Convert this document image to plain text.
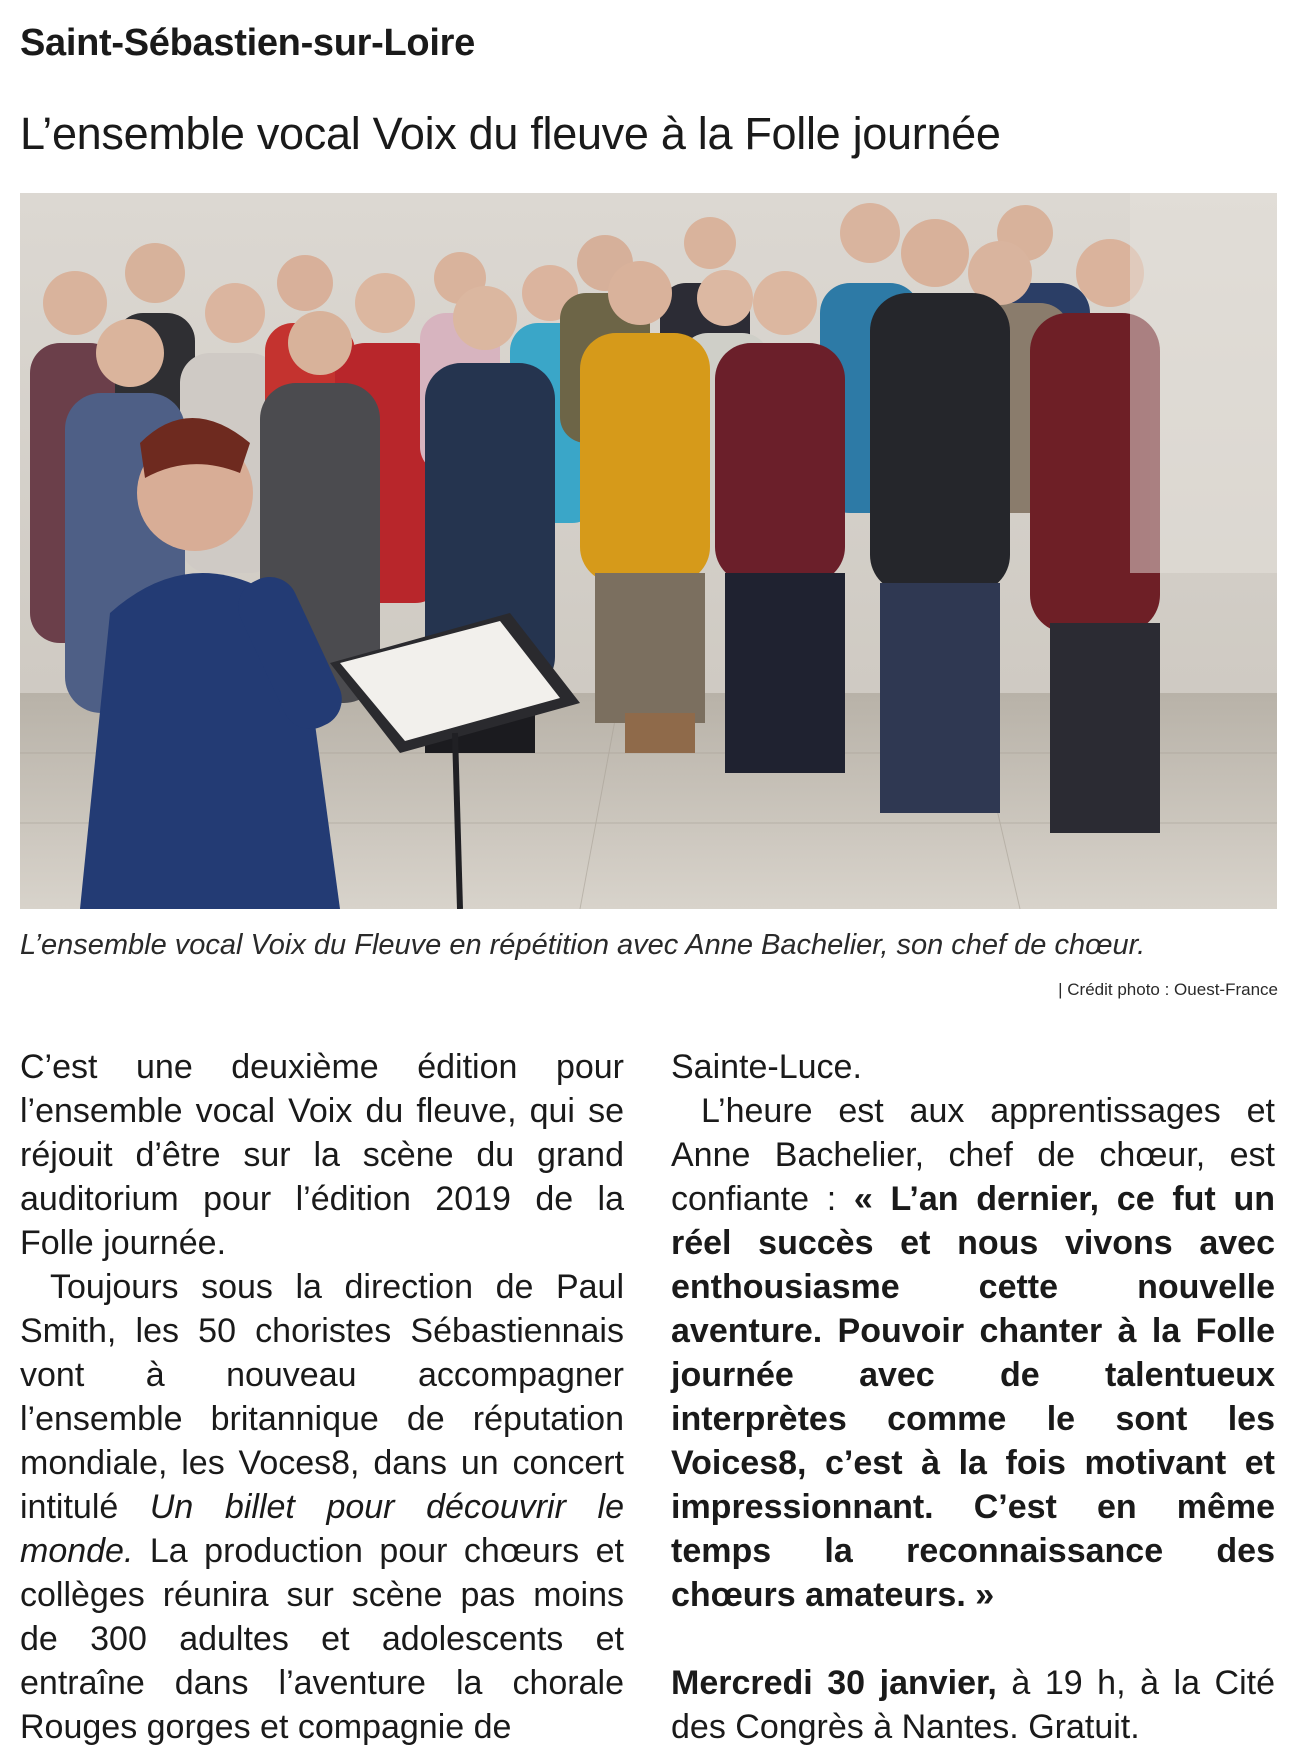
Saint-Sébastien-sur-Loire
L’ensemble vocal Voix du fleuve à la Folle journée
L’ensemble vocal Voix du Fleuve en répétition avec Anne Bachelier, son chef de chœur.
| Crédit photo : Ouest-France

C’est une deuxième édition pour l’ensemble vocal Voix du fleuve, qui se réjouit d’être sur la scène du grand auditorium pour l’édition 2019 de la Folle journée.

Toujours sous la direction de Paul Smith, les 50 choristes Sébastiennais vont à nouveau accompagner l’ensemble britannique de réputation mondiale, les Voces8, dans un concert intitulé Un billet pour découvrir le monde. La production pour chœurs et collèges réunira sur scène pas moins de 300 adultes et adolescents et entraîne dans l’aventure la chorale Rouges gorges et compagnie de

Sainte-Luce.

L’heure est aux apprentissages et Anne Bachelier, chef de chœur, est confiante : « L’an dernier, ce fut un réel succès et nous vivons avec enthousiasme cette nouvelle aventure. Pouvoir chanter à la Folle journée avec de talentueux interprètes comme le sont les Voices8, c’est à la fois motivant et impressionnant. C’est en même temps la reconnaissance des chœurs amateurs. »

Mercredi 30 janvier, à 19 h, à la Cité des Congrès à Nantes. Gratuit.
